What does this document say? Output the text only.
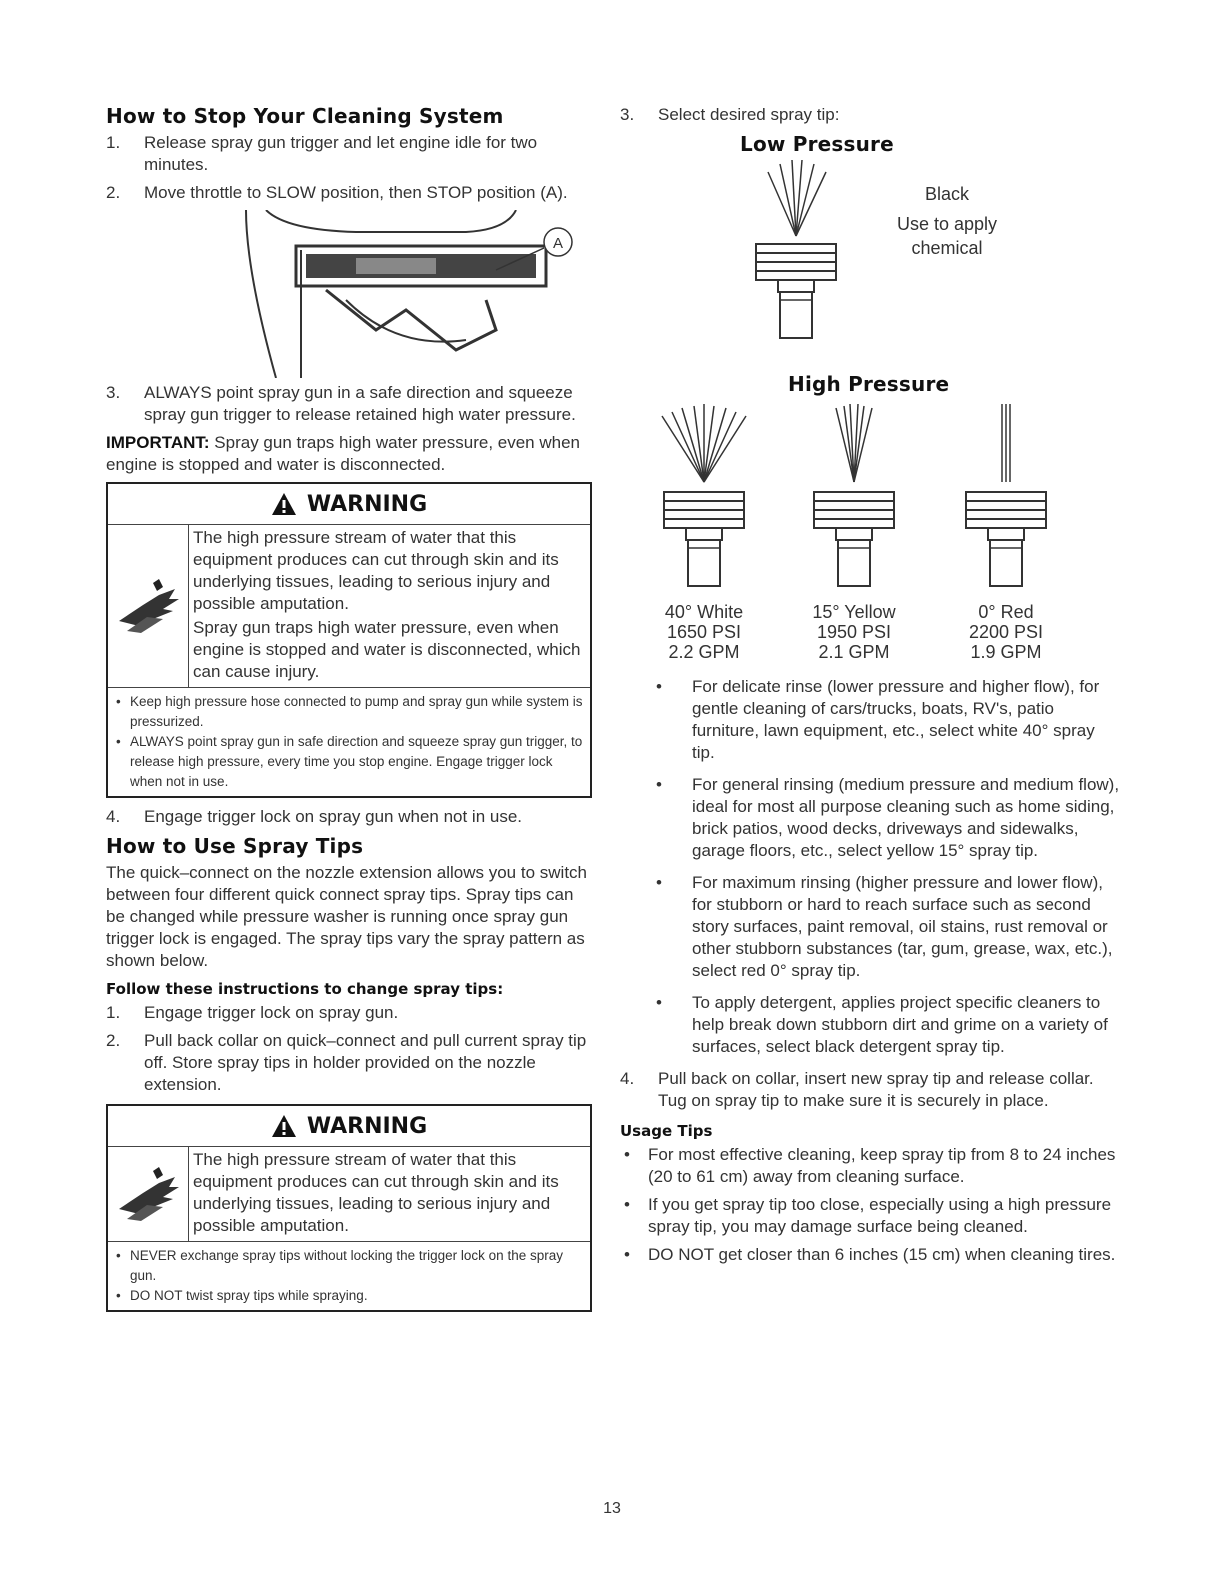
How to Stop Your Cleaning System
1.	Release spray gun trigger and let engine idle for two minutes.
2.	Move throttle to SLOW position, then STOP position (A).
A
3.	ALWAYS point spray gun in a safe direction and squeeze spray gun trigger to release retained high water pressure.

IMPORTANT: Spray gun traps high water pressure, even when engine is stopped and water is disconnected.

WARNING

The high pressure stream of water that this equipment produces can cut through skin and its underlying tissues, leading to serious injury and possible amputation.

Spray gun traps high water pressure, even when engine is stopped and water is disconnected, which can cause injury.

• Keep high pressure hose connected to pump and spray gun while system is pressurized.
• ALWAYS point spray gun in safe direction and squeeze spray gun trigger, to release high pressure, every time you stop engine. Engage trigger lock when not in use.
4.	Engage trigger lock on spray gun when not in use.
How to Use Spray Tips

The quick–connect on the nozzle extension allows you to switch between four different quick connect spray tips. Spray tips can be changed while pressure washer is running once spray gun trigger lock is engaged. The spray tips vary the spray pattern as shown below.

Follow these instructions to change spray tips:
1.	Engage trigger lock on spray gun.
2.	Pull back collar on quick–connect and pull current spray tip off. Store spray tips in holder provided on the nozzle extension.
WARNING

The high pressure stream of water that this equipment produces can cut through skin and its underlying tissues, leading to serious injury and possible amputation.

• NEVER exchange spray tips without locking the trigger lock on the spray gun.
• DO NOT twist spray tips while spraying.
3.	Select desired spray tip:
Low Pressure
Black
Use to apply chemical
High Pressure
40° White
1650 PSI
2.2 GPM
15° Yellow
1950 PSI
2.1 GPM
0° Red
2200 PSI
1.9 GPM
• For delicate rinse (lower pressure and higher flow), for gentle cleaning of cars/trucks, boats, RV's, patio furniture, lawn equipment, etc., select white 40° spray tip.
• For general rinsing (medium pressure and medium flow), ideal for most all purpose cleaning such as home siding, brick patios, wood decks, driveways and sidewalks, garage floors, etc., select yellow 15° spray tip.
• For maximum rinsing (higher pressure and lower flow), for stubborn or hard to reach surface such as second story surfaces, paint removal, oil stains, rust removal or other stubborn substances (tar, gum, grease, wax, etc.), select red 0° spray tip.
• To apply detergent, applies project specific cleaners to help break down stubborn dirt and grime on a variety of surfaces, select black detergent spray tip.
4.	Pull back on collar, insert new spray tip and release collar. Tug on spray tip to make sure it is securely in place.
Usage Tips
• For most effective cleaning, keep spray tip from 8 to 24 inches (20 to 61 cm) away from cleaning surface.
• If you get spray tip too close, especially using a high pressure spray tip, you may damage surface being cleaned.
• DO NOT get closer than 6 inches (15 cm) when cleaning tires.
13
